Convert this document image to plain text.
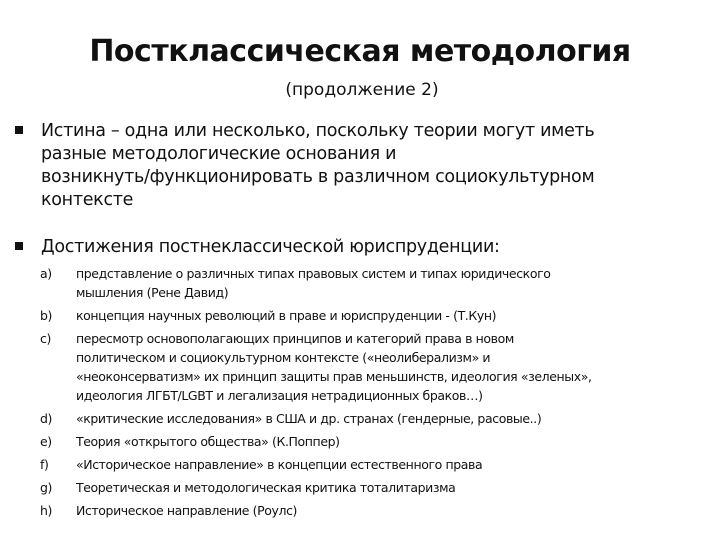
Постклассическая методология
(продолжение 2)
Истина – одна или несколько, поскольку теории могут иметь
разные методологические основания и
возникнуть/функционировать в различном социокультурном
контексте
Достижения постнеклассической юриспруденции:
a)	представление о различных типах правовых систем и типах юридического
мышления (Рене Давид)
b)	концепция научных революций в праве и юриспруденции - (Т.Кун)
c)	пересмотр основополагающих принципов и категорий права в новом
политическом и социокультурном контексте («неолиберализм» и
«неоконсерватизм» их принцип защиты прав меньшинств, идеология «зеленых»,
идеология ЛГБТ/LGBT и легализация нетрадиционных браков…)
d)	«критические исследования» в США и др. странах (гендерные, расовые..)
e)	Теория «открытого общества» (К.Поппер)
f)	«Историческое направление» в концепции естественного права
g)	Теоретическая и методологическая критика тоталитаризма
h)	Историческое направление (Роулс)
